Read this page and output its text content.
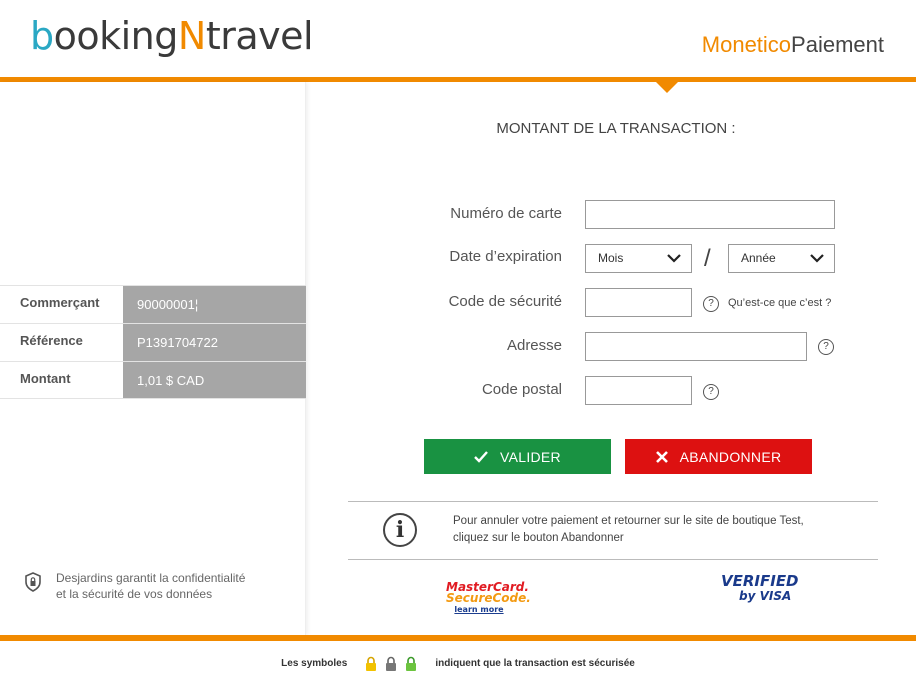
bookingNtravel	MoneticoPaiement
Commerçant	90000001¦
Référence	P1391704722
Montant	1,01 $ CAD
Desjardins garantit la confidentialité
et la sécurité de vos données
MONTANT DE LA TRANSACTION :
Numéro de carte
Date d’expiration	Mois	/	Année
Code de sécurité	?	Qu’est-ce que c’est ?
Adresse	?
Code postal	?
VALIDER	ABANDONNER
i	Pour annuler votre paiement et retourner sur le site de boutique Test,
cliquez sur le bouton Abandonner
MasterCard.
SecureCode.
learn more
VERIFIED
by VISA
Les symboles	indiquent que la transaction est sécurisée
